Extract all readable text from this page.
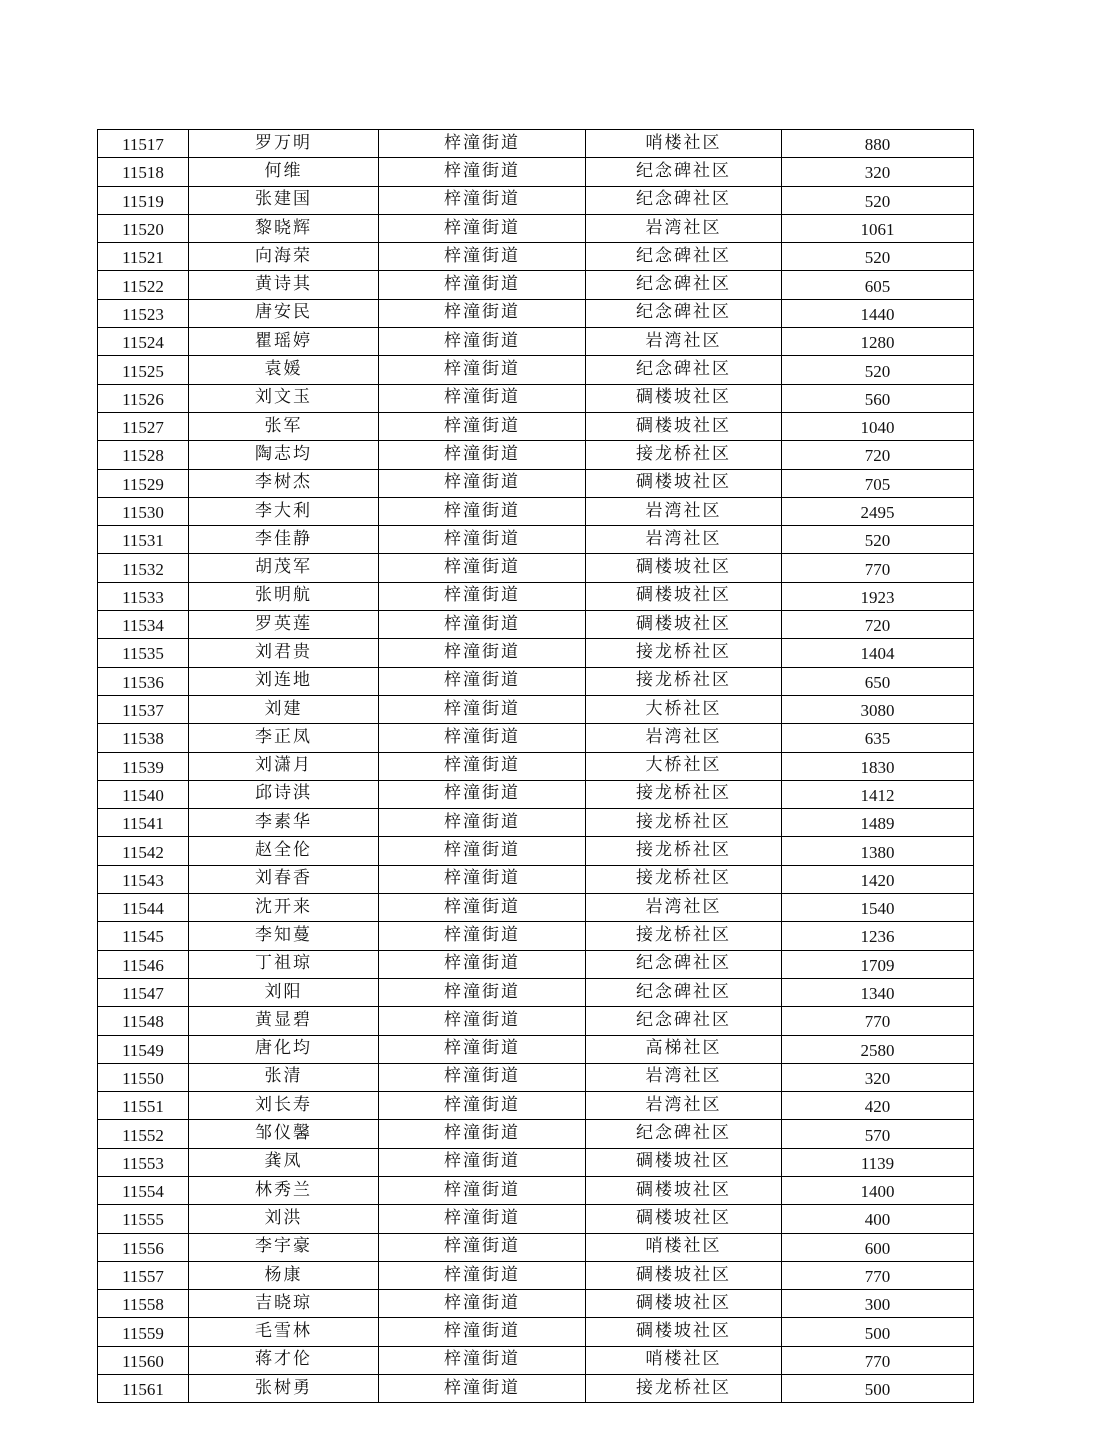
11517	罗万明	梓潼街道	哨楼社区	880
11518	何维	梓潼街道	纪念碑社区	320
11519	张建国	梓潼街道	纪念碑社区	520
11520	黎晓辉	梓潼街道	岩湾社区	1061
11521	向海荣	梓潼街道	纪念碑社区	520
11522	黄诗其	梓潼街道	纪念碑社区	605
11523	唐安民	梓潼街道	纪念碑社区	1440
11524	瞿瑶婷	梓潼街道	岩湾社区	1280
11525	袁媛	梓潼街道	纪念碑社区	520
11526	刘文玉	梓潼街道	碉楼坡社区	560
11527	张军	梓潼街道	碉楼坡社区	1040
11528	陶志均	梓潼街道	接龙桥社区	720
11529	李树杰	梓潼街道	碉楼坡社区	705
11530	李大利	梓潼街道	岩湾社区	2495
11531	李佳静	梓潼街道	岩湾社区	520
11532	胡茂军	梓潼街道	碉楼坡社区	770
11533	张明航	梓潼街道	碉楼坡社区	1923
11534	罗英莲	梓潼街道	碉楼坡社区	720
11535	刘君贵	梓潼街道	接龙桥社区	1404
11536	刘连地	梓潼街道	接龙桥社区	650
11537	刘建	梓潼街道	大桥社区	3080
11538	李正凤	梓潼街道	岩湾社区	635
11539	刘潇月	梓潼街道	大桥社区	1830
11540	邱诗淇	梓潼街道	接龙桥社区	1412
11541	李素华	梓潼街道	接龙桥社区	1489
11542	赵全伦	梓潼街道	接龙桥社区	1380
11543	刘春香	梓潼街道	接龙桥社区	1420
11544	沈开来	梓潼街道	岩湾社区	1540
11545	李知蔓	梓潼街道	接龙桥社区	1236
11546	丁祖琼	梓潼街道	纪念碑社区	1709
11547	刘阳	梓潼街道	纪念碑社区	1340
11548	黄显碧	梓潼街道	纪念碑社区	770
11549	唐化均	梓潼街道	高梯社区	2580
11550	张清	梓潼街道	岩湾社区	320
11551	刘长寿	梓潼街道	岩湾社区	420
11552	邹仪馨	梓潼街道	纪念碑社区	570
11553	龚凤	梓潼街道	碉楼坡社区	1139
11554	林秀兰	梓潼街道	碉楼坡社区	1400
11555	刘洪	梓潼街道	碉楼坡社区	400
11556	李宇豪	梓潼街道	哨楼社区	600
11557	杨康	梓潼街道	碉楼坡社区	770
11558	吉晓琼	梓潼街道	碉楼坡社区	300
11559	毛雪林	梓潼街道	碉楼坡社区	500
11560	蒋才伦	梓潼街道	哨楼社区	770
11561	张树勇	梓潼街道	接龙桥社区	500
